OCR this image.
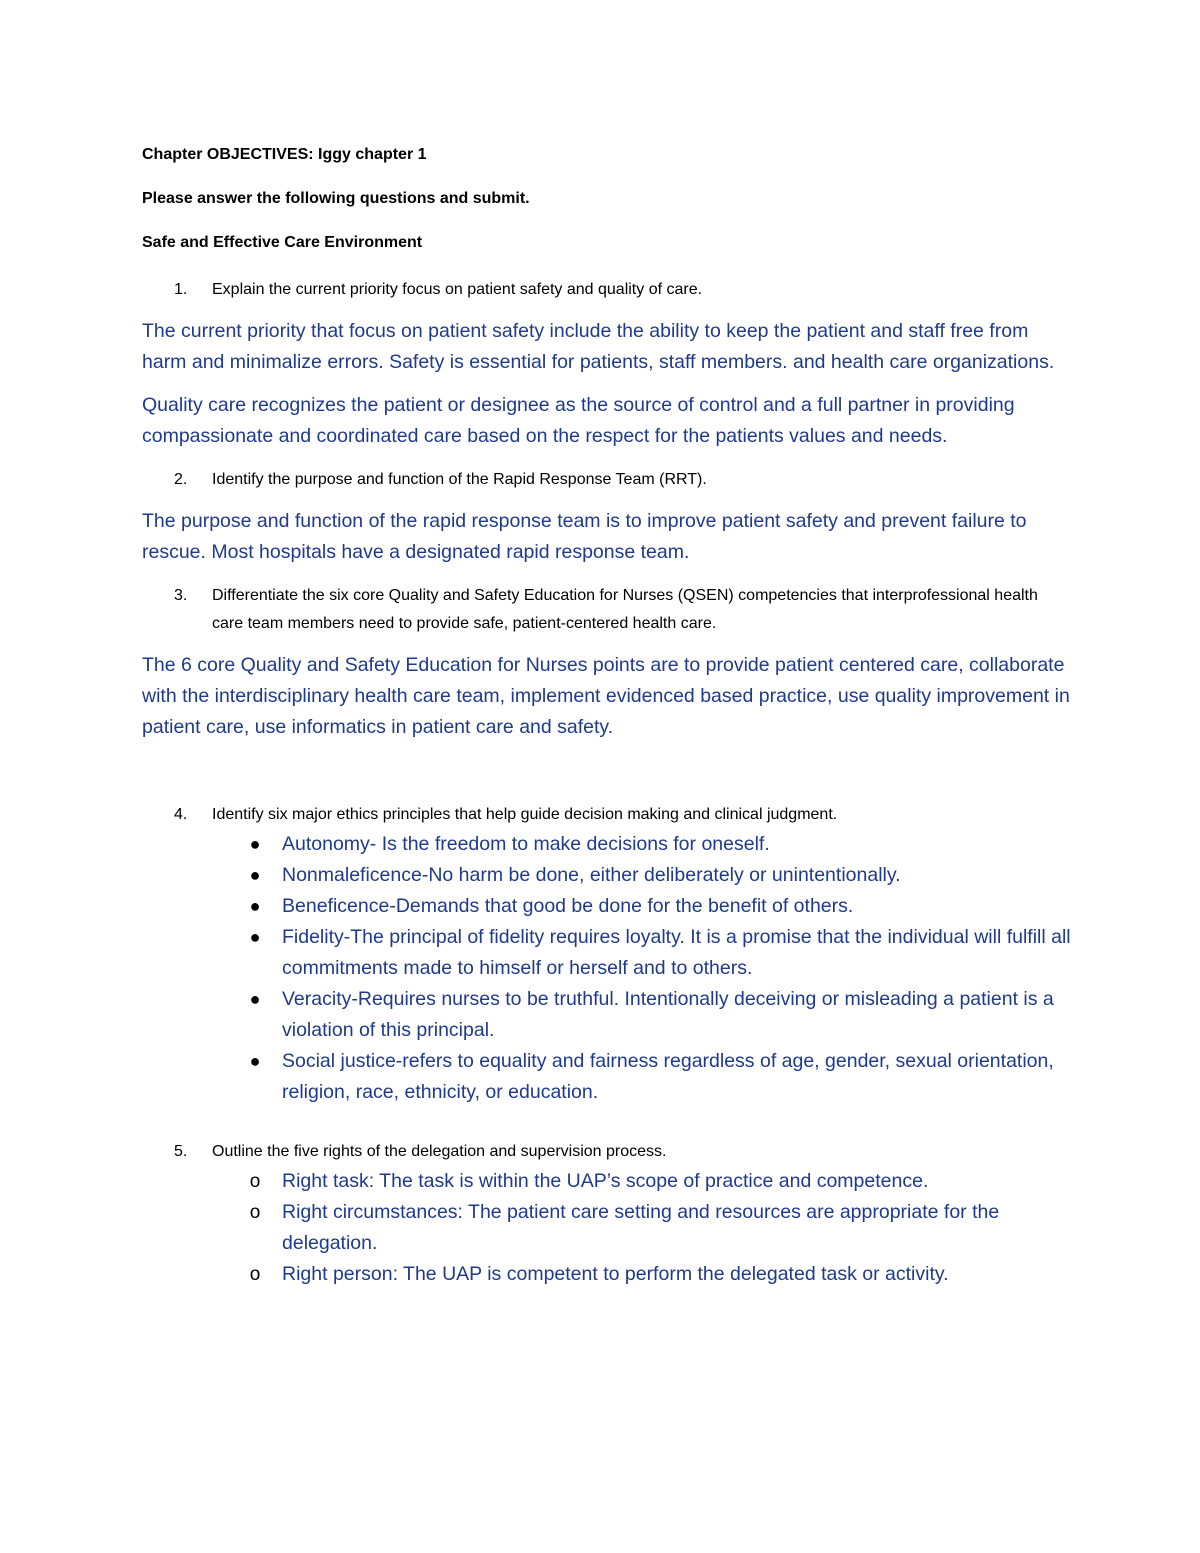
Chapter OBJECTIVES: Iggy chapter 1

Please answer the following questions and submit.

Safe and Effective Care Environment

1. Explain the current priority focus on patient safety and quality of care.

The current priority that focus on patient safety include the ability to keep the patient and staff free from harm and minimalize errors. Safety is essential for patients, staff members. and health care organizations.

Quality care recognizes the patient or designee as the source of control and a full partner in providing compassionate and coordinated care based on the respect for the patients values and needs.

2. Identify the purpose and function of the Rapid Response Team (RRT).

The purpose and function of the rapid response team is to improve patient safety and prevent failure to rescue. Most hospitals have a designated rapid response team.

3. Differentiate the six core Quality and Safety Education for Nurses (QSEN) competencies that interprofessional health care team members need to provide safe, patient-centered health care.

The 6 core Quality and Safety Education for Nurses points are to provide patient centered care, collaborate with the interdisciplinary health care team, implement evidenced based practice, use quality improvement in patient care, use informatics in patient care and safety.

4. Identify six major ethics principles that help guide decision making and clinical judgment.
● Autonomy- Is the freedom to make decisions for oneself.
● Nonmaleficence-No harm be done, either deliberately or unintentionally.
● Beneficence-Demands that good be done for the benefit of others.
● Fidelity-The principal of fidelity requires loyalty. It is a promise that the individual will fulfill all commitments made to himself or herself and to others.
● Veracity-Requires nurses to be truthful. Intentionally deceiving or misleading a patient is a violation of this principal.
● Social justice-refers to equality and fairness regardless of age, gender, sexual orientation, religion, race, ethnicity, or education.
5. Outline the five rights of the delegation and supervision process.
o Right task: The task is within the UAP’s scope of practice and competence.
o Right circumstances: The patient care setting and resources are appropriate for the delegation.
o Right person: The UAP is competent to perform the delegated task or activity.
